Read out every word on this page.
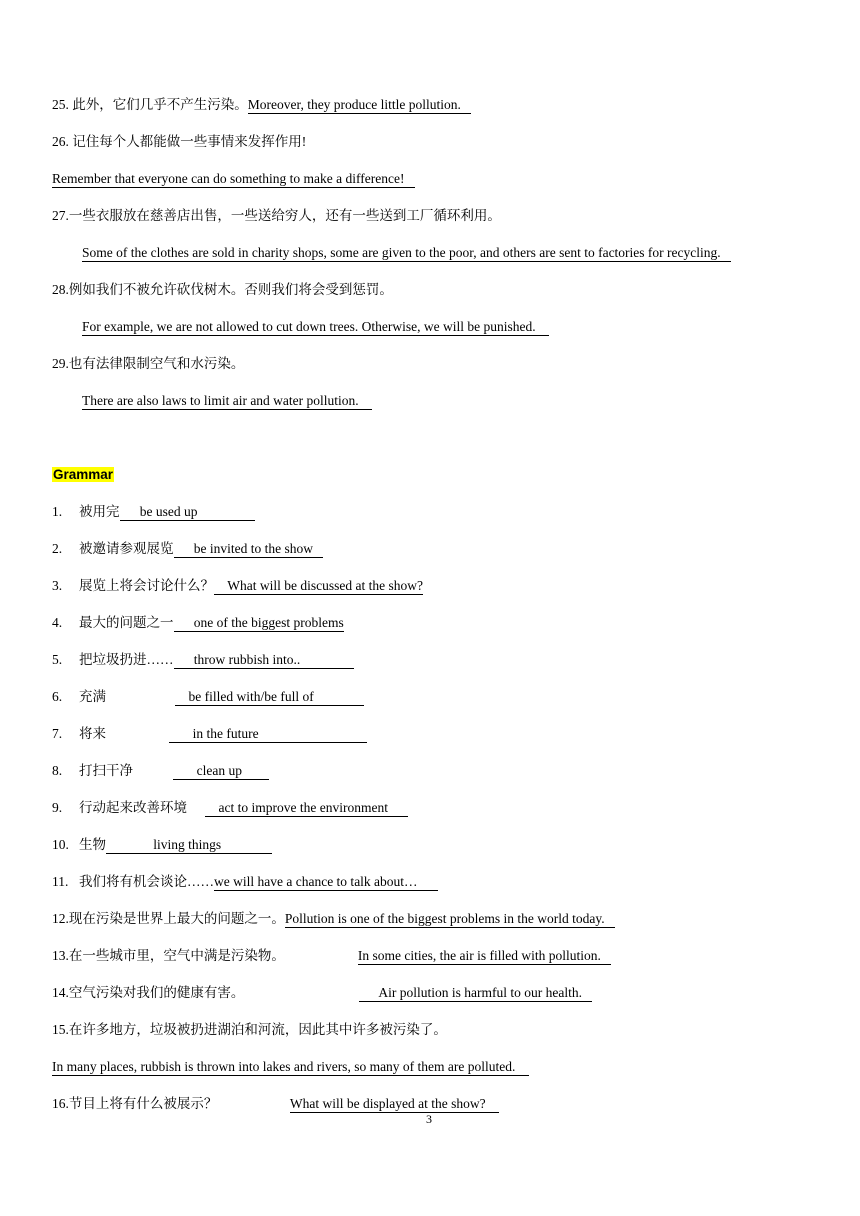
25. 此外，它们几乎不产生污染。Moreover, they produce little pollution.
26. 记住每个人都能做一些事情来发挥作用!
Remember that everyone can do something to make a difference!
27.一些衣服放在慈善店出售，一些送给穷人，还有一些送到工厂循环利用。
Some of the clothes are sold in charity shops, some are given to the poor, and others are sent to factories for recycling.
28.例如我们不被允许砍伐树木。否则我们将会受到惩罚。
For example, we are not allowed to cut down trees. Otherwise, we will be punished.
29.也有法律限制空气和水污染。
There are also laws to limit air and water pollution.
Grammar
1. 被用完      be used up
2. 被邀请参观展览      be invited to the show
3. 展览上将会讨论什么？    What will be discussed at the show?
4. 最大的问题之一      one of the biggest problems
5. 把垃圾扔进……      throw rubbish into..
6. 充满	be filled with/be full of
7. 将来	in the future
8. 打扫干净	clean up
9. 行动起来改善环境    act to improve the environment
10. 生物              living things
11. 我们将有机会谈论……we will have a chance to talk about…
12.现在污染是世界上最大的问题之一。Pollution is one of the biggest problems in the world today.
13.在一些城市里，空气中满是污染物。	In some cities, the air is filled with pollution.
14.空气污染对我们的健康有害。	Air pollution is harmful to our health.
15.在许多地方，垃圾被扔进湖泊和河流，因此其中许多被污染了。
In many places, rubbish is thrown into lakes and rivers, so many of them are polluted.
16.节目上将有什么被展示？	What will be displayed at the show?
3
